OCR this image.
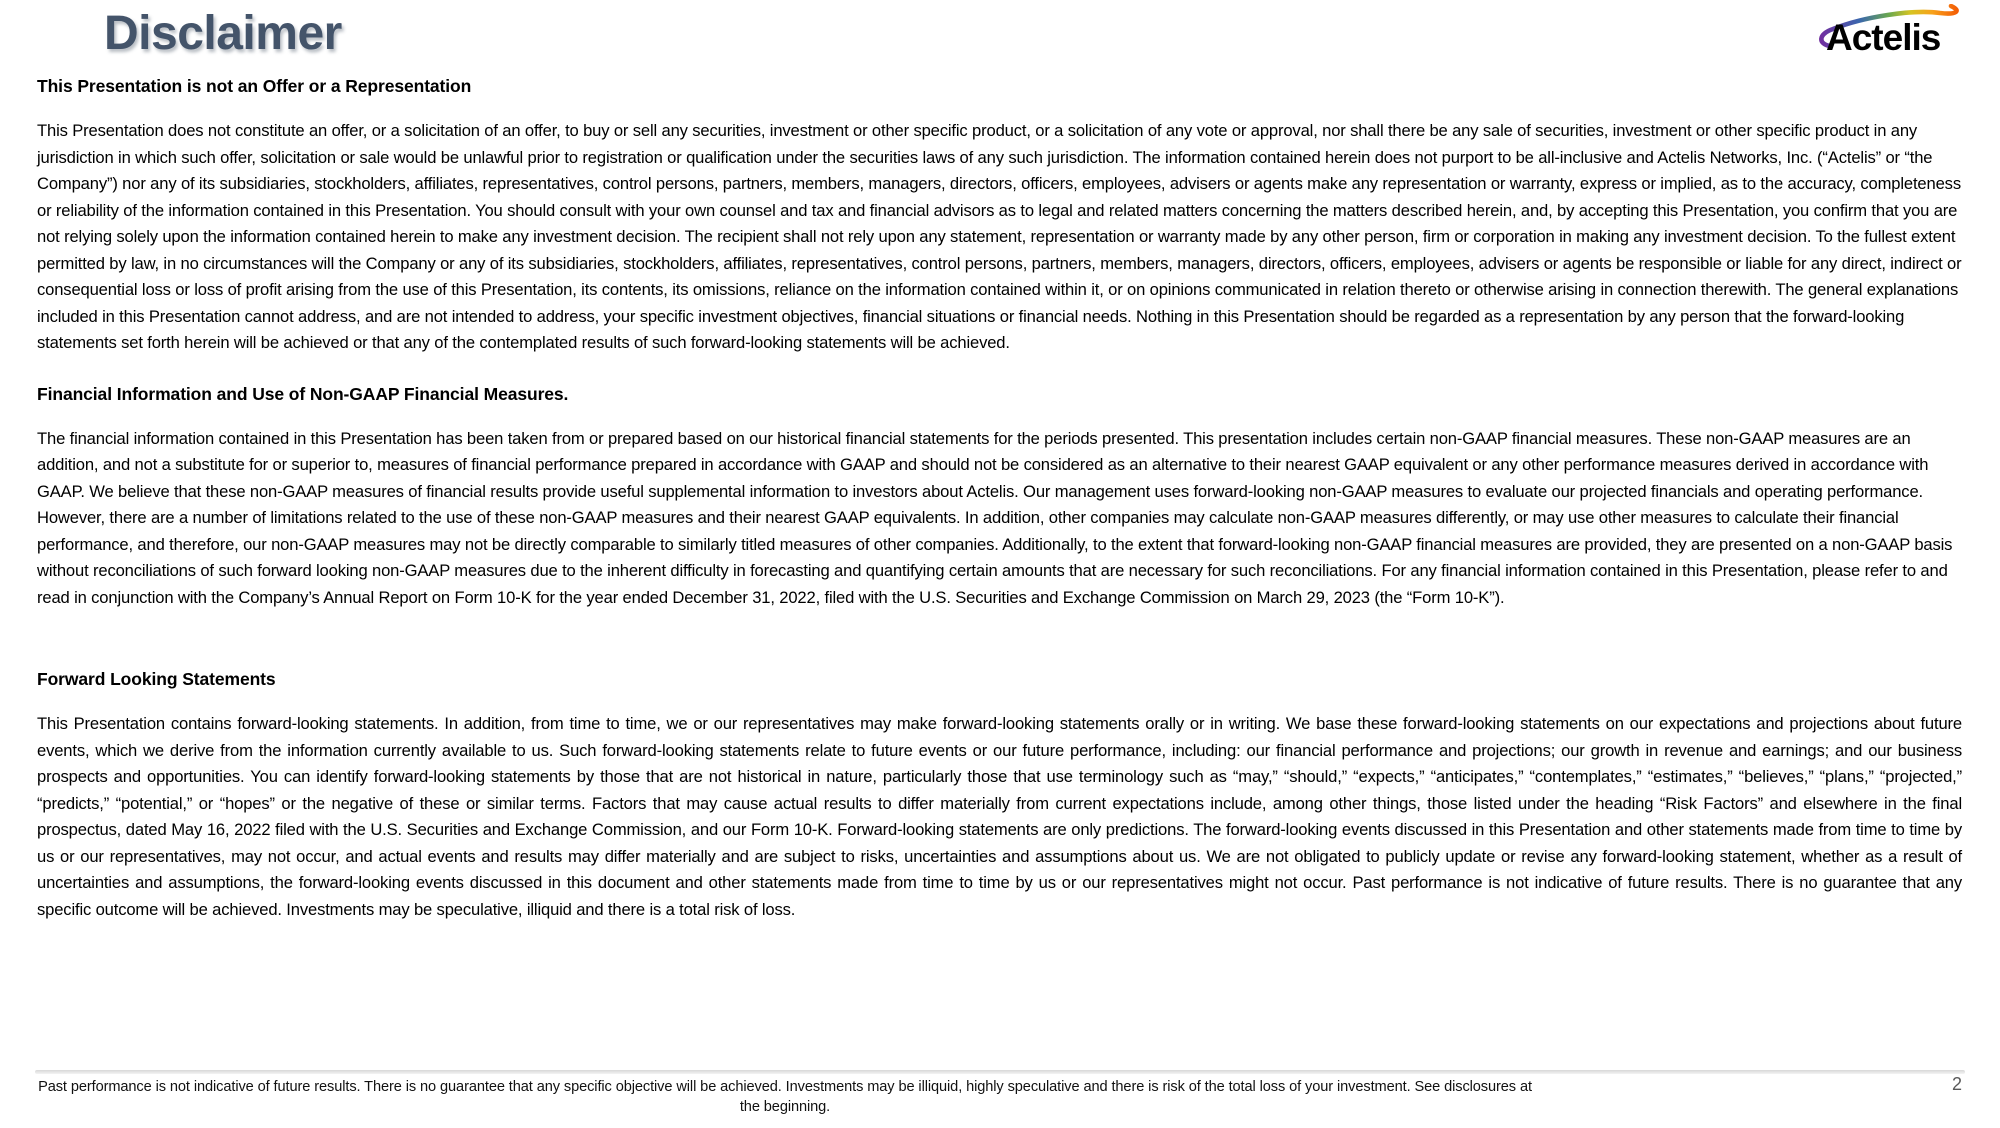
Disclaimer	Actelis
This Presentation is not an Offer or a Representation

This Presentation does not constitute an offer, or a solicitation of an offer, to buy or sell any securities, investment or other specific product, or a solicitation of any vote or approval, nor shall there be any sale of securities, investment or other specific product in any jurisdiction in which such offer, solicitation or sale would be unlawful prior to registration or qualification under the securities laws of any such jurisdiction. The information contained herein does not purport to be all-inclusive and Actelis Networks, Inc. (“Actelis” or “the Company”) nor any of its subsidiaries, stockholders, affiliates, representatives, control persons, partners, members, managers, directors, officers, employees, advisers or agents make any representation or warranty, express or implied, as to the accuracy, completeness or reliability of the information contained in this Presentation. You should consult with your own counsel and tax and financial advisors as to legal and related matters concerning the matters described herein, and, by accepting this Presentation, you confirm that you are not relying solely upon the information contained herein to make any investment decision. The recipient shall not rely upon any statement, representation or warranty made by any other person, firm or corporation in making any investment decision. To the fullest extent permitted by law, in no circumstances will the Company or any of its subsidiaries, stockholders, affiliates, representatives, control persons, partners, members, managers, directors, officers, employees, advisers or agents be responsible or liable for any direct, indirect or consequential loss or loss of profit arising from the use of this Presentation, its contents, its omissions, reliance on the information contained within it, or on opinions communicated in relation thereto or otherwise arising in connection therewith. The general explanations included in this Presentation cannot address, and are not intended to address, your specific investment objectives, financial situations or financial needs. Nothing in this Presentation should be regarded as a representation by any person that the forward-looking statements set forth herein will be achieved or that any of the contemplated results of such forward-looking statements will be achieved.

Financial Information and Use of Non-GAAP Financial Measures.

The financial information contained in this Presentation has been taken from or prepared based on our historical financial statements for the periods presented. This presentation includes certain non-GAAP financial measures. These non-GAAP measures are an addition, and not a substitute for or superior to, measures of financial performance prepared in accordance with GAAP and should not be considered as an alternative to their nearest GAAP equivalent or any other performance measures derived in accordance with GAAP. We believe that these non-GAAP measures of financial results provide useful supplemental information to investors about Actelis. Our management uses forward-looking non-GAAP measures to evaluate our projected financials and operating performance. However, there are a number of limitations related to the use of these non-GAAP measures and their nearest GAAP equivalents. In addition, other companies may calculate non-GAAP measures differently, or may use other measures to calculate their financial performance, and therefore, our non-GAAP measures may not be directly comparable to similarly titled measures of other companies. Additionally, to the extent that forward-looking non-GAAP financial measures are provided, they are presented on a non-GAAP basis without reconciliations of such forward looking non-GAAP measures due to the inherent difficulty in forecasting and quantifying certain amounts that are necessary for such reconciliations. For any financial information contained in this Presentation, please refer to and read in conjunction with the Company’s Annual Report on Form 10-K for the year ended December 31, 2022, filed with the U.S. Securities and Exchange Commission on March 29, 2023 (the “Form 10-K”).

Forward Looking Statements

This Presentation contains forward-looking statements. In addition, from time to time, we or our representatives may make forward-looking statements orally or in writing. We base these forward-looking statements on our expectations and projections about future events, which we derive from the information currently available to us. Such forward-looking statements relate to future events or our future performance, including: our financial performance and projections; our growth in revenue and earnings; and our business prospects and opportunities. You can identify forward-looking statements by those that are not historical in nature, particularly those that use terminology such as “may,” “should,” “expects,” “anticipates,” “contemplates,” “estimates,” “believes,” “plans,” “projected,” “predicts,” “potential,” or “hopes” or the negative of these or similar terms. Factors that may cause actual results to differ materially from current expectations include, among other things, those listed under the heading “Risk Factors” and elsewhere in the final prospectus, dated May 16, 2022 filed with the U.S. Securities and Exchange Commission, and our Form 10-K. Forward-looking statements are only predictions. The forward-looking events discussed in this Presentation and other statements made from time to time by us or our representatives, may not occur, and actual events and results may differ materially and are subject to risks, uncertainties and assumptions about us. We are not obligated to publicly update or revise any forward-looking statement, whether as a result of uncertainties and assumptions, the forward-looking events discussed in this document and other statements made from time to time by us or our representatives might not occur. Past performance is not indicative of future results. There is no guarantee that any specific outcome will be achieved. Investments may be speculative, illiquid and there is a total risk of loss.

Past performance is not indicative of future results. There is no guarantee that any specific objective will be achieved. Investments may be illiquid, highly speculative and there is risk of the total loss of your investment. See disclosures at the beginning.
2
